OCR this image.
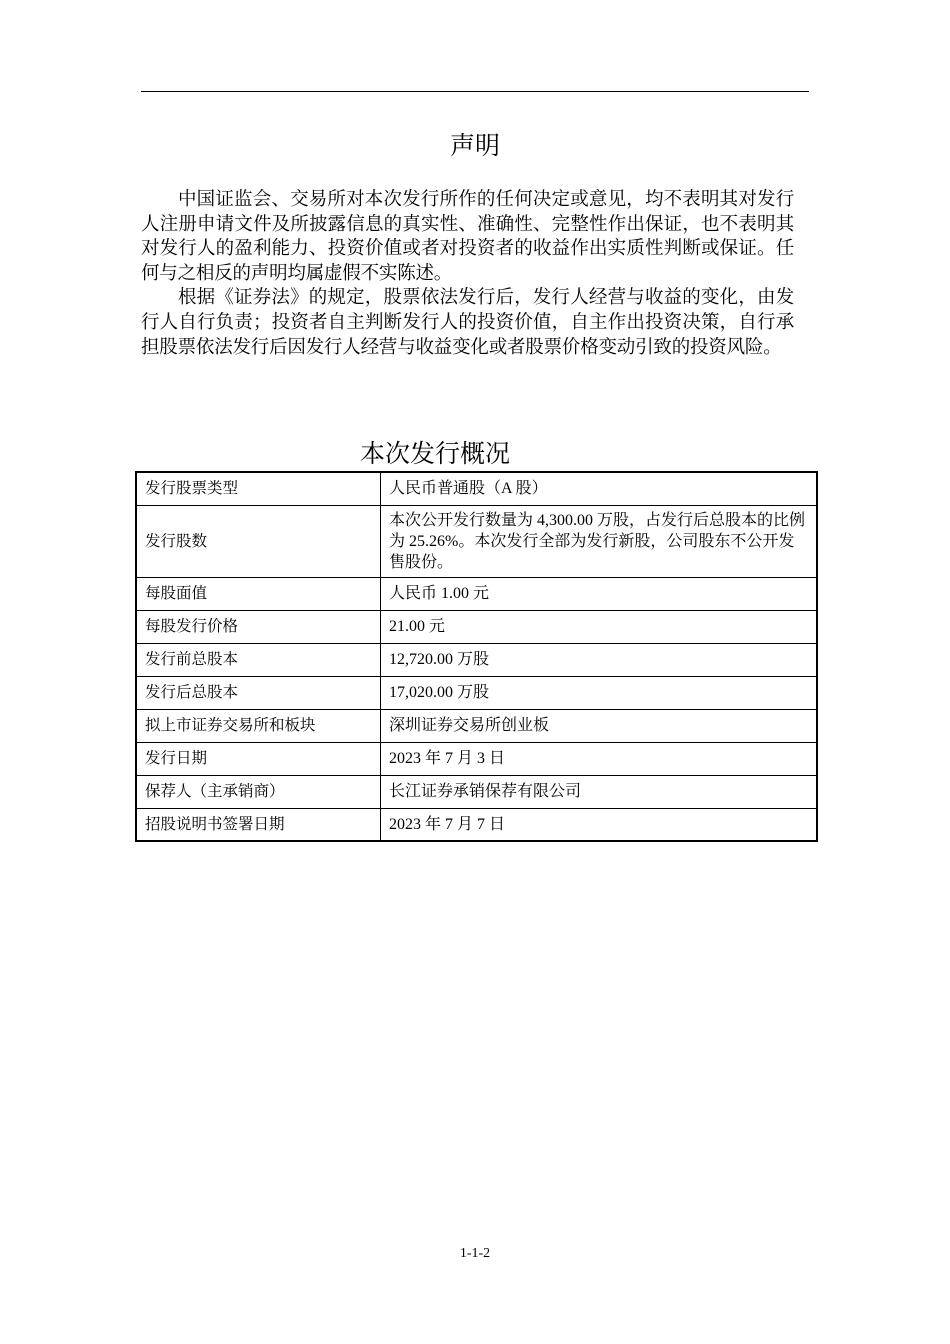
声明

中国证监会、交易所对本次发行所作的任何决定或意见，均不表明其对发行人注册申请文件及所披露信息的真实性、准确性、完整性作出保证，也不表明其对发行人的盈利能力、投资价值或者对投资者的收益作出实质性判断或保证。任何与之相反的声明均属虚假不实陈述。

根据《证券法》的规定，股票依法发行后，发行人经营与收益的变化，由发行人自行负责；投资者自主判断发行人的投资价值，自主作出投资决策，自行承担股票依法发行后因发行人经营与收益变化或者股票价格变动引致的投资风险。

本次发行概况
发行股票类型	人民币普通股（A 股）
发行股数	本次公开发行数量为 4,300.00 万股，占发行后总股本的比例为 25.26%。本次发行全部为发行新股，公司股东不公开发售股份。
每股面值	人民币 1.00 元
每股发行价格	21.00 元
发行前总股本	12,720.00 万股
发行后总股本	17,020.00 万股
拟上市证券交易所和板块	深圳证券交易所创业板
发行日期	2023 年 7 月 3 日
保荐人（主承销商）	长江证券承销保荐有限公司
招股说明书签署日期	2023 年 7 月 7 日
1-1-2
